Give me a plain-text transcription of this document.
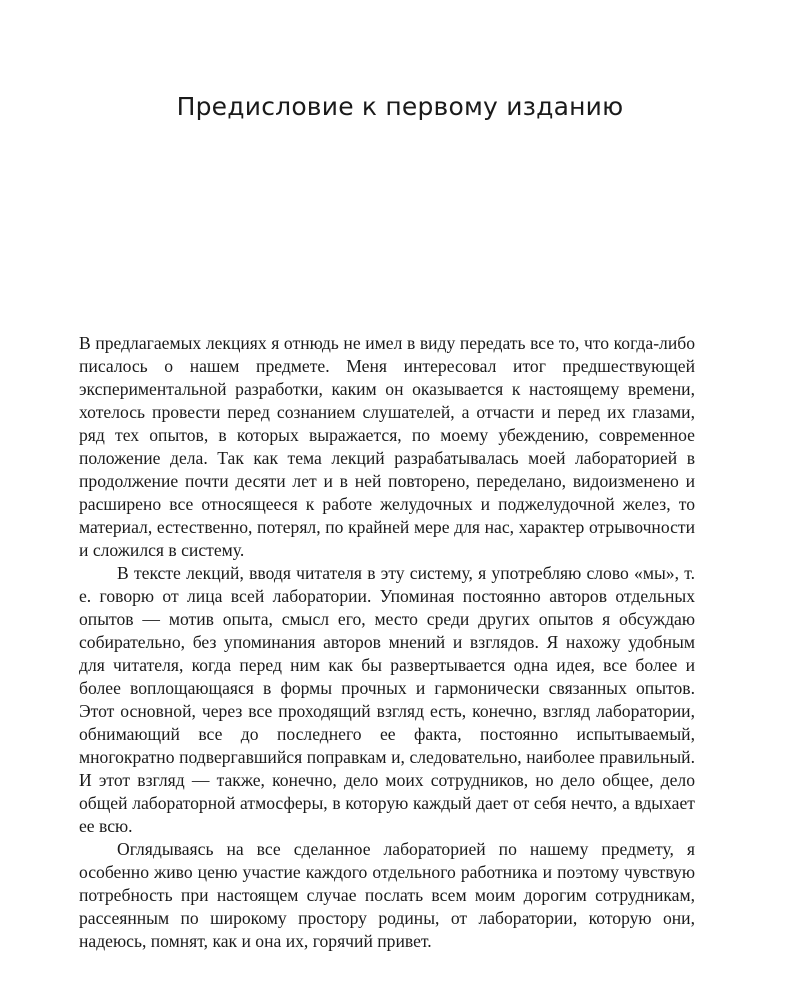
Предисловие к первому изданию

В предлагаемых лекциях я отнюдь не имел в виду передать все то, что когда-либо писалось о нашем предмете. Меня интересовал итог предшествующей экспериментальной разработки, каким он оказывается к настоящему времени, хотелось провести перед сознанием слушателей, а отчасти и перед их глазами, ряд тех опытов, в которых выражается, по моему убеждению, современное положение дела. Так как тема лекций разрабатывалась моей лабораторией в продолжение почти десяти лет и в ней повторено, переделано, видоизменено и расширено все относящееся к работе желудочных и поджелудочной желез, то материал, естественно, потерял, по крайней мере для нас, характер отрывочности и сложился в систему.

В тексте лекций, вводя читателя в эту систему, я употребляю слово «мы», т. е. говорю от лица всей лаборатории. Упоминая постоянно авторов отдельных опытов — мотив опыта, смысл его, место среди других опытов я обсуждаю собирательно, без упоминания авторов мнений и взглядов. Я нахожу удобным для читателя, когда перед ним как бы развертывается одна идея, все более и более воплощающаяся в формы прочных и гармонически связанных опытов. Этот основной, через все проходящий взгляд есть, конечно, взгляд лаборатории, обнимающий все до последнего ее факта, постоянно испытываемый, многократно подвергавшийся поправкам и, следовательно, наиболее правильный. И этот взгляд — также, конечно, дело моих сотрудников, но дело общее, дело общей лабораторной атмосферы, в которую каждый дает от себя нечто, а вдыхает ее всю.

Оглядываясь на все сделанное лабораторией по нашему предмету, я особенно живо ценю участие каждого отдельного работника и поэтому чувствую потребность при настоящем случае послать всем моим дорогим сотрудникам, рассеянным по широкому простору родины, от лаборатории, которую они, надеюсь, помнят, как и она их, горячий привет.
